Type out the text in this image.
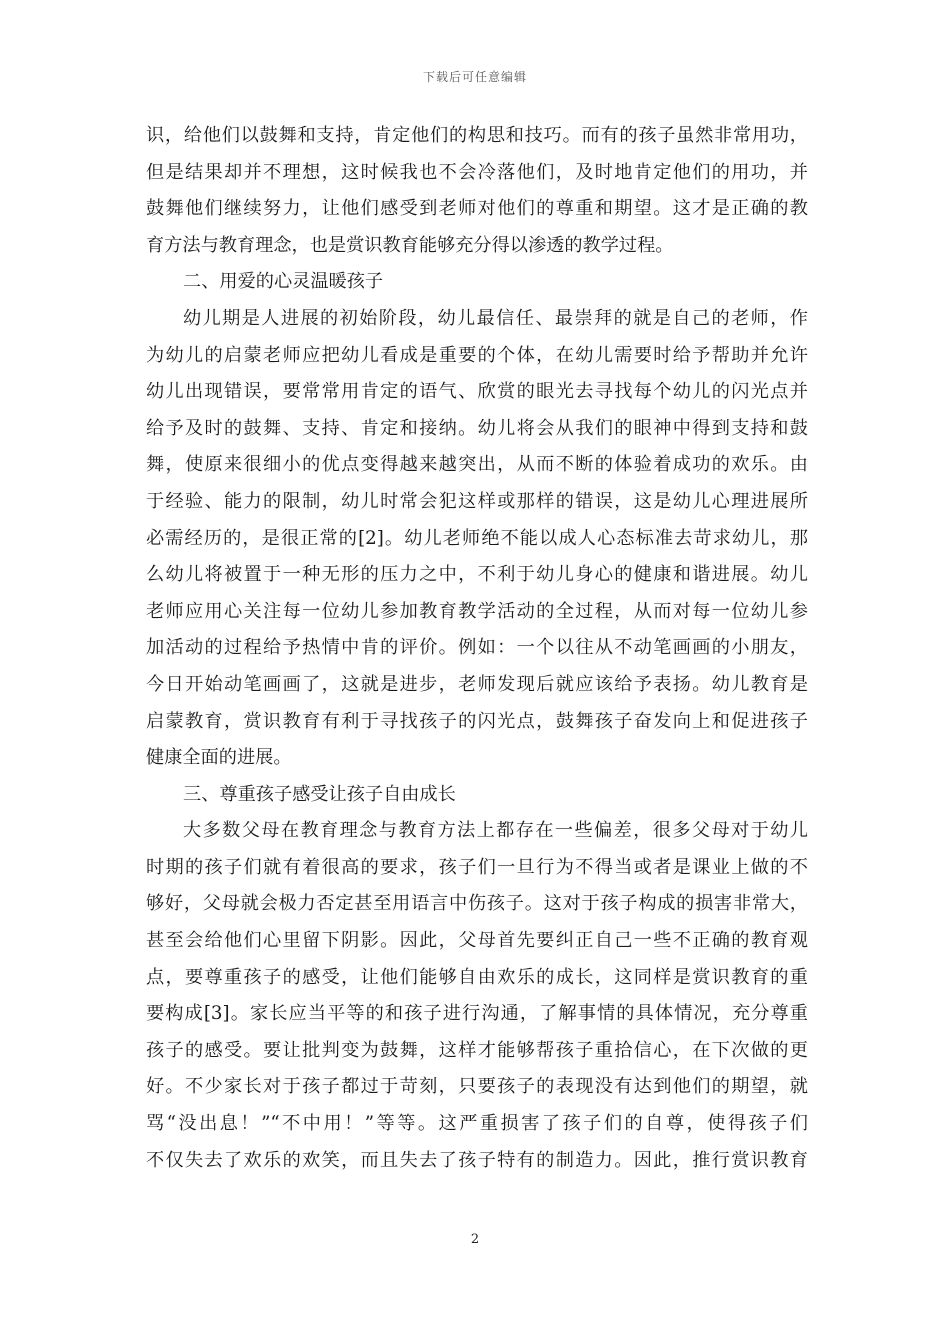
下载后可任意编辑
识，给他们以鼓舞和支持，肯定他们的构思和技巧。而有的孩子虽然非常用功，
但是结果却并不理想，这时候我也不会冷落他们，及时地肯定他们的用功，并
鼓舞他们继续努力，让他们感受到老师对他们的尊重和期望。这才是正确的教
育方法与教育理念，也是赏识教育能够充分得以渗透的教学过程。
二、用爱的心灵温暖孩子
幼儿期是人进展的初始阶段，幼儿最信任、最崇拜的就是自己的老师，作
为幼儿的启蒙老师应把幼儿看成是重要的个体，在幼儿需要时给予帮助并允许
幼儿出现错误，要常常用肯定的语气、欣赏的眼光去寻找每个幼儿的闪光点并
给予及时的鼓舞、支持、肯定和接纳。幼儿将会从我们的眼神中得到支持和鼓
舞，使原来很细小的优点变得越来越突出，从而不断的体验着成功的欢乐。由
于经验、能力的限制，幼儿时常会犯这样或那样的错误，这是幼儿心理进展所
必需经历的，是很正常的[2]。幼儿老师绝不能以成人心态标准去苛求幼儿，那
么幼儿将被置于一种无形的压力之中，不利于幼儿身心的健康和谐进展。幼儿
老师应用心关注每一位幼儿参加教育教学活动的全过程，从而对每一位幼儿参
加活动的过程给予热情中肯的评价。例如：一个以往从不动笔画画的小朋友，
今日开始动笔画画了，这就是进步，老师发现后就应该给予表扬。幼儿教育是
启蒙教育，赏识教育有利于寻找孩子的闪光点，鼓舞孩子奋发向上和促进孩子
健康全面的进展。
三、尊重孩子感受让孩子自由成长
大多数父母在教育理念与教育方法上都存在一些偏差，很多父母对于幼儿
时期的孩子们就有着很高的要求，孩子们一旦行为不得当或者是课业上做的不
够好，父母就会极力否定甚至用语言中伤孩子。这对于孩子构成的损害非常大，
甚至会给他们心里留下阴影。因此，父母首先要纠正自己一些不正确的教育观
点，要尊重孩子的感受，让他们能够自由欢乐的成长，这同样是赏识教育的重
要构成[3]。家长应当平等的和孩子进行沟通，了解事情的具体情况，充分尊重
孩子的感受。要让批判变为鼓舞，这样才能够帮孩子重拾信心，在下次做的更
好。不少家长对于孩子都过于苛刻，只要孩子的表现没有达到他们的期望，就
骂“没出息！”“不中用！”等等。这严重损害了孩子们的自尊，使得孩子们
不仅失去了欢乐的欢笑，而且失去了孩子特有的制造力。因此，推行赏识教育
2
